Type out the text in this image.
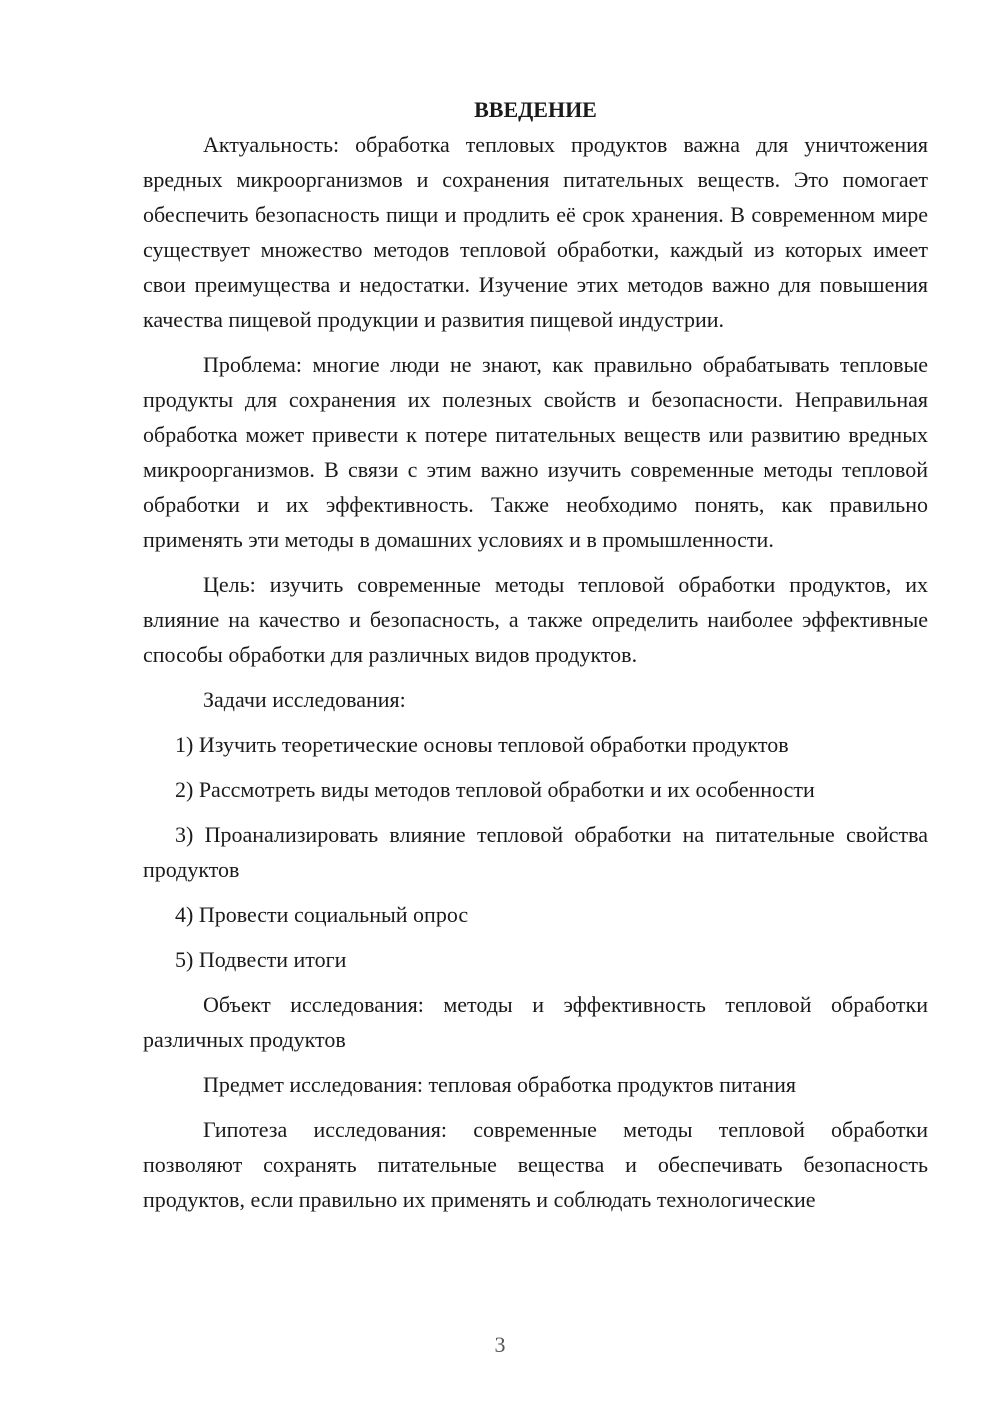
ВВЕДЕНИЕ

Актуальность: обработка тепловых продуктов важна для уничтожения вредных микроорганизмов и сохранения питательных веществ. Это помогает обеспечить безопасность пищи и продлить её срок хранения. В современном мире существует множество методов тепловой обработки, каждый из которых имеет свои преимущества и недостатки. Изучение этих методов важно для повышения качества пищевой продукции и развития пищевой индустрии.

Проблема: многие люди не знают, как правильно обрабатывать тепловые продукты для сохранения их полезных свойств и безопасности. Неправильная обработка может привести к потере питательных веществ или развитию вредных микроорганизмов. В связи с этим важно изучить современные методы тепловой обработки и их эффективность. Также необходимо понять, как правильно применять эти методы в домашних условиях и в промышленности.

Цель: изучить современные методы тепловой обработки продуктов, их влияние на качество и безопасность, а также определить наиболее эффективные способы обработки для различных видов продуктов.

Задачи исследования:

1) Изучить теоретические основы тепловой обработки продуктов

2) Рассмотреть виды методов тепловой обработки и их особенности

3) Проанализировать влияние тепловой обработки на питательные свойства продуктов

4) Провести социальный опрос

5) Подвести итоги

Объект исследования: методы и эффективность тепловой обработки различных продуктов

Предмет исследования: тепловая обработка продуктов питания

Гипотеза исследования: современные методы тепловой обработки позволяют сохранять питательные вещества и обеспечивать безопасность продуктов, если правильно их применять и соблюдать технологические

3
